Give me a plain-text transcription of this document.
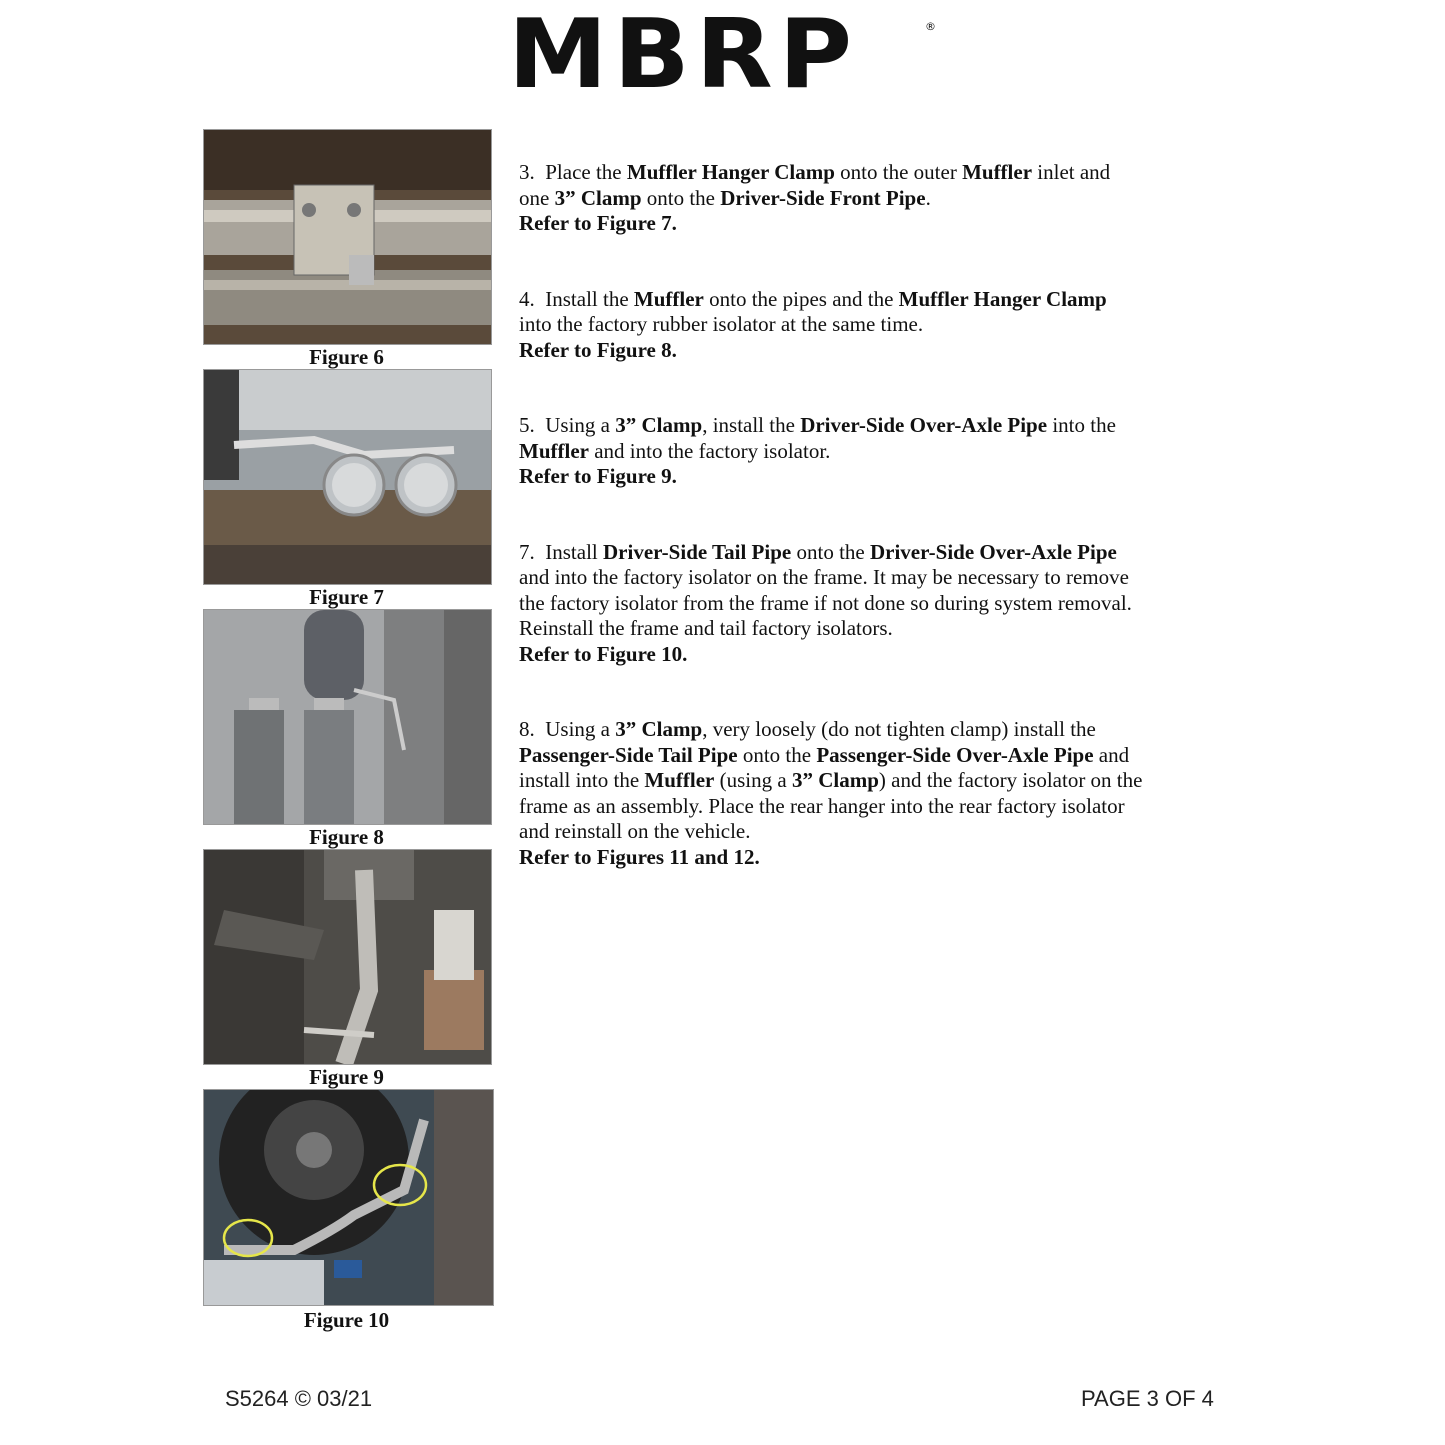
MBRP	®
Figure 6
Figure 7
Figure 8
Figure 9
Figure 10

3.  Place the Muffler Hanger Clamp onto the outer Muffler inlet and

one 3” Clamp onto the Driver-Side Front Pipe.

Refer to Figure 7.

4.  Install the Muffler onto the pipes and the Muffler Hanger Clamp

into the factory rubber isolator at the same time.

Refer to Figure 8.

5.  Using a 3” Clamp, install the Driver-Side Over-Axle Pipe into the

Muffler and into the factory isolator.

Refer to Figure 9.

7.  Install Driver-Side Tail Pipe onto the Driver-Side Over-Axle Pipe

and into the factory isolator on the frame. It may be necessary to remove

the factory isolator from the frame if not done so during system removal.

Reinstall the frame and tail factory isolators.

Refer to Figure 10.

8.  Using a 3” Clamp, very loosely (do not tighten clamp) install the

Passenger-Side Tail Pipe onto the Passenger-Side Over-Axle Pipe and

install into the Muffler (using a 3” Clamp) and the factory isolator on the

frame as an assembly. Place the rear hanger into the rear factory isolator

and reinstall on the vehicle.

Refer to Figures 11 and 12.

S5264 © 03/21	PAGE 3 OF 4
